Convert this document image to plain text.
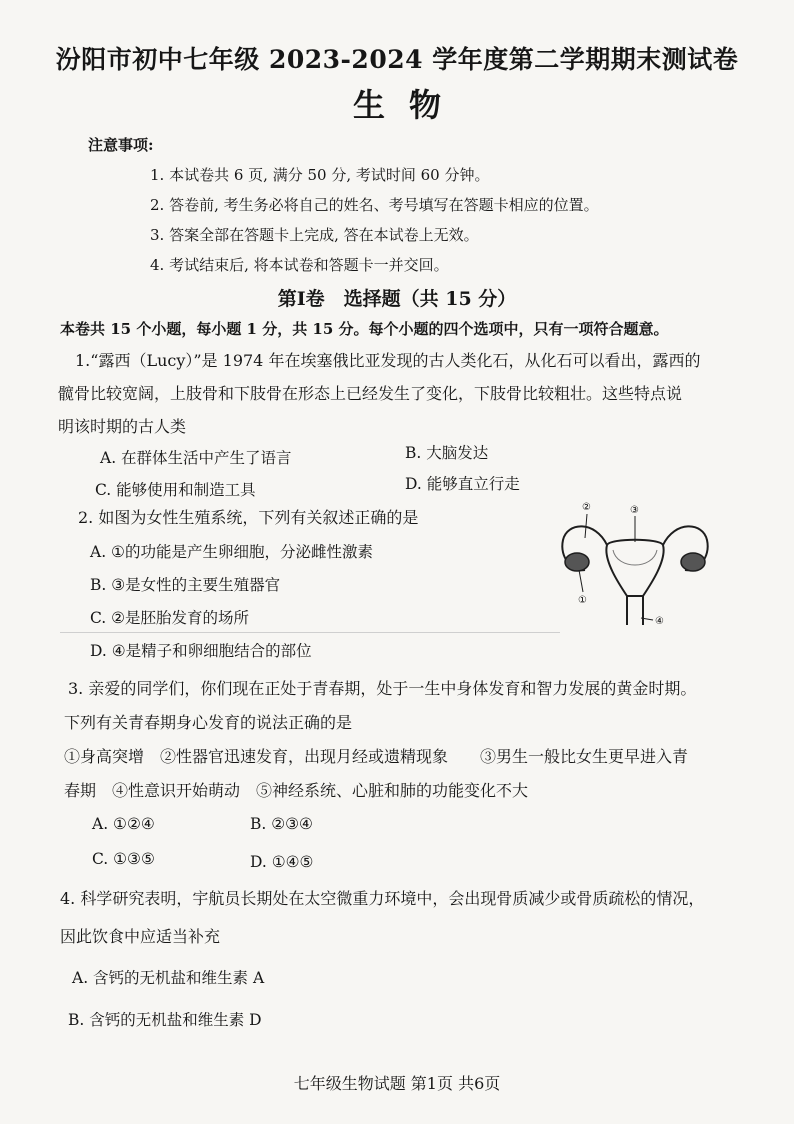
汾阳市初中七年级 2023-2024 学年度第二学期期末测试卷
生物
注意事项:
1. 本试卷共 6 页, 满分 50 分, 考试时间 60 分钟。
2. 答卷前, 考生务必将自己的姓名、考号填写在答题卡相应的位置。
3. 答案全部在答题卡上完成, 答在本试卷上无效。
4. 考试结束后, 将本试卷和答题卡一并交回。
第Ⅰ卷　选择题（共 15 分）
本卷共 15 个小题，每小题 1 分，共 15 分。每个小题的四个选项中，只有一项符合题意。
1.“露西（Lucy）”是 1974 年在埃塞俄比亚发现的古人类化石，从化石可以看出，露西的
髋骨比较宽阔，上肢骨和下肢骨在形态上已经发生了变化，下肢骨比较粗壮。这些特点说
明该时期的古人类
A. 在群体生活中产生了语言	B. 大脑发达
C. 能够使用和制造工具	D. 能够直立行走
2. 如图为女性生殖系统，下列有关叙述正确的是
A. ①的功能是产生卵细胞，分泌雌性激素
B. ③是女性的主要生殖器官
C. ②是胚胎发育的场所
D. ④是精子和卵细胞结合的部位
②	③
①
④
3. 亲爱的同学们，你们现在正处于青春期，处于一生中身体发育和智力发展的黄金时期。
下列有关青春期身心发育的说法正确的是
①身高突增　②性器官迅速发育，出现月经或遗精现象　　③男生一般比女生更早进入青
春期　④性意识开始萌动　⑤神经系统、心脏和肺的功能变化不大
A. ①②④	B. ②③④
C. ①③⑤	D. ①④⑤
4. 科学研究表明，宇航员长期处在太空微重力环境中，会出现骨质减少或骨质疏松的情况，
因此饮食中应适当补充
A. 含钙的无机盐和维生素 A
B. 含钙的无机盐和维生素 D
七年级生物试题 第1页 共6页
